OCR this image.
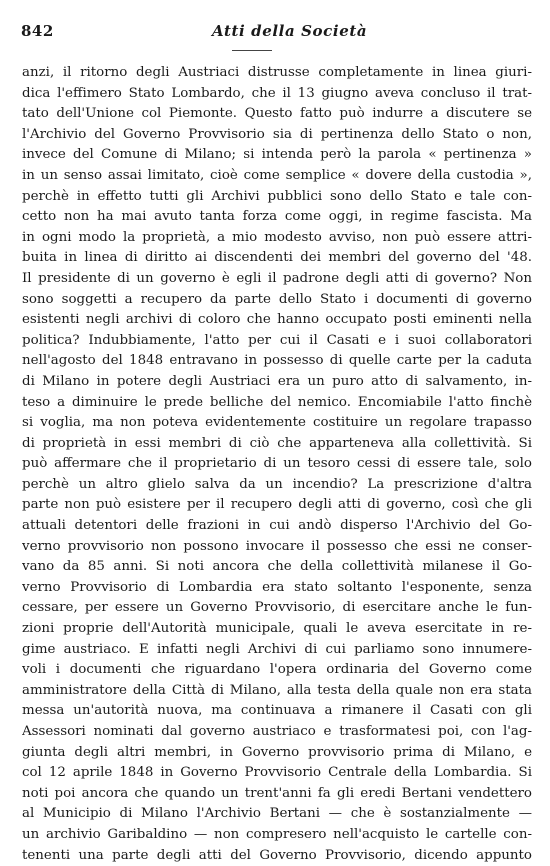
842	Atti della Società
anzi, il ritorno degli Austriaci distrusse completamente in linea giuri-
dica l'effimero Stato Lombardo, che il 13 giugno aveva concluso il trat-
tato dell'Unione col Piemonte. Questo fatto può indurre a discutere se
l'Archivio del Governo Provvisorio sia di pertinenza dello Stato o non,
invece del Comune di Milano; si intenda però la parola « pertinenza »
in un senso assai limitato, cioè come semplice « dovere della custodia »,
perchè in effetto tutti gli Archivi pubblici sono dello Stato e tale con-
cetto non ha mai avuto tanta forza come oggi, in regime fascista. Ma
in ogni modo la proprietà, a mio modesto avviso, non può essere attri-
buita in linea di diritto ai discendenti dei membri del governo del '48.
Il presidente di un governo è egli il padrone degli atti di governo? Non
sono soggetti a recupero da parte dello Stato i documenti di governo
esistenti negli archivi di coloro che hanno occupato posti eminenti nella
politica? Indubbiamente, l'atto per cui il Casati e i suoi collaboratori
nell'agosto del 1848 entravano in possesso di quelle carte per la caduta
di Milano in potere degli Austriaci era un puro atto di salvamento, in-
teso a diminuire le prede belliche del nemico. Encomiabile l'atto finchè
si voglia, ma non poteva evidentemente costituire un regolare trapasso
di proprietà in essi membri di ciò che apparteneva alla collettività. Si
può affermare che il proprietario di un tesoro cessi di essere tale, solo
perchè un altro glielo salva da un incendio? La prescrizione d'altra
parte non può esistere per il recupero degli atti di governo, così che gli
attuali detentori delle frazioni in cui andò disperso l'Archivio del Go-
verno provvisorio non possono invocare il possesso che essi ne conser-
vano da 85 anni. Si noti ancora che della collettività milanese il Go-
verno Provvisorio di Lombardia era stato soltanto l'esponente, senza
cessare, per essere un Governo Provvisorio, di esercitare anche le fun-
zioni proprie dell'Autorità municipale, quali le aveva esercitate in re-
gime austriaco. E infatti negli Archivi di cui parliamo sono innumere-
voli i documenti che riguardano l'opera ordinaria del Governo come
amministratore della Città di Milano, alla testa della quale non era stata
messa un'autorità nuova, ma continuava a rimanere il Casati con gli
Assessori nominati dal governo austriaco e trasformatesi poi, con l'ag-
giunta degli altri membri, in Governo provvisorio prima di Milano, e
col 12 aprile 1848 in Governo Provvisorio Centrale della Lombardia. Si
noti poi ancora che quando un trent'anni fa gli eredi Bertani vendettero
al Municipio di Milano l'Archivio Bertani — che è sostanzialmente —
un archivio Garibaldino — non compresero nell'acquisto le cartelle con-
tenenti una parte degli atti del Governo Provvisorio, dicendo appunto
